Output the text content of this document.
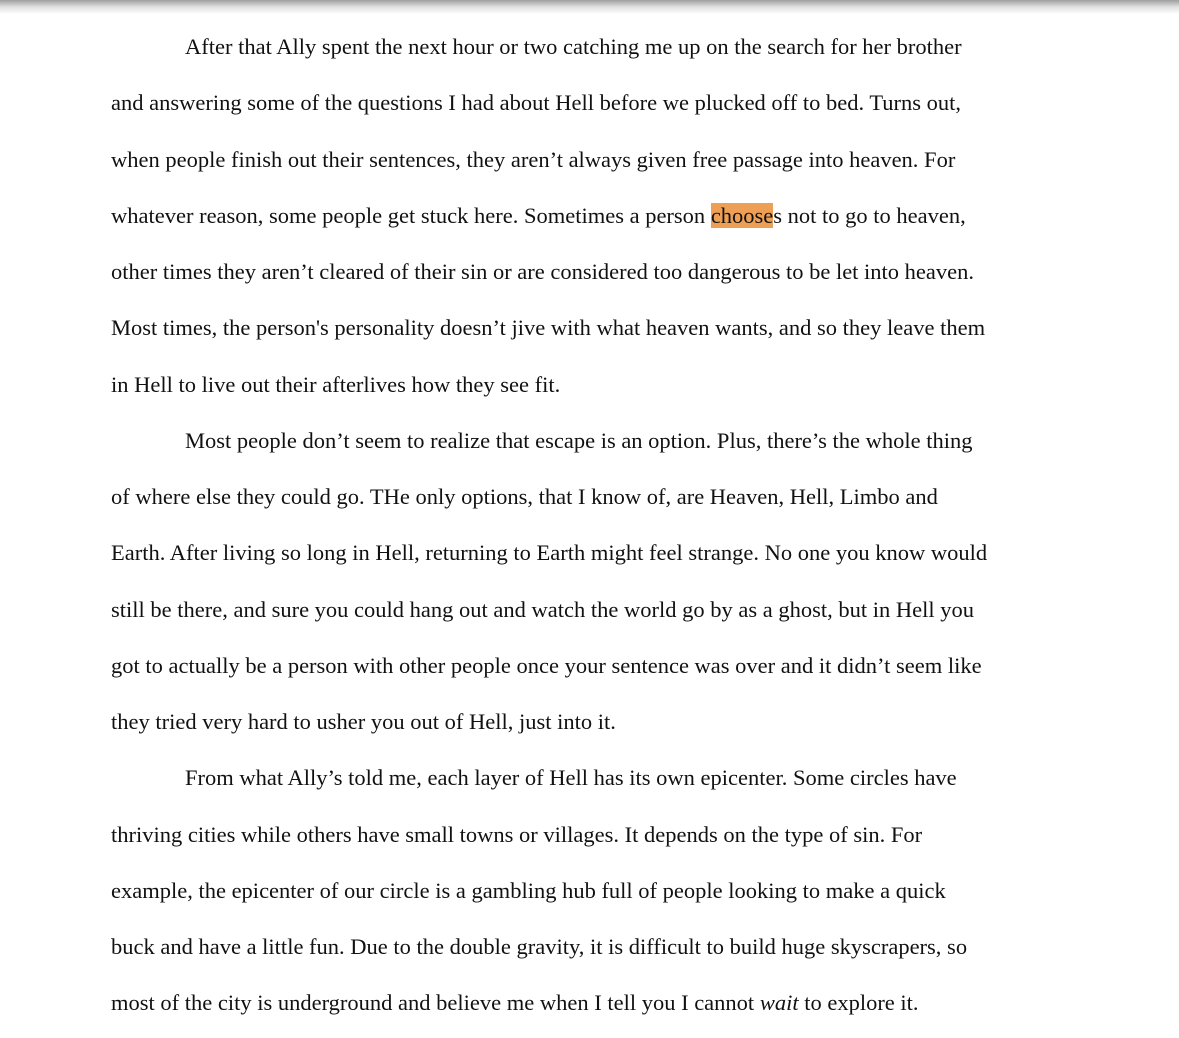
After that Ally spent the next hour or two catching me up on the search for her brother
and answering some of the questions I had about Hell before we plucked off to bed. Turns out,
when people finish out their sentences, they aren’t always given free passage into heaven. For
whatever reason, some people get stuck here. Sometimes a person chooses not to go to heaven,
other times they aren’t cleared of their sin or are considered too dangerous to be let into heaven.
Most times, the person's personality doesn’t jive with what heaven wants, and so they leave them
in Hell to live out their afterlives how they see fit.
Most people don’t seem to realize that escape is an option. Plus, there’s the whole thing
of where else they could go. THe only options, that I know of, are Heaven, Hell, Limbo and
Earth. After living so long in Hell, returning to Earth might feel strange. No one you know would
still be there, and sure you could hang out and watch the world go by as a ghost, but in Hell you
got to actually be a person with other people once your sentence was over and it didn’t seem like
they tried very hard to usher you out of Hell, just into it.
From what Ally’s told me, each layer of Hell has its own epicenter. Some circles have
thriving cities while others have small towns or villages. It depends on the type of sin. For
example, the epicenter of our circle is a gambling hub full of people looking to make a quick
buck and have a little fun. Due to the double gravity, it is difficult to build huge skyscrapers, so
most of the city is underground and believe me when I tell you I cannot wait to explore it.
